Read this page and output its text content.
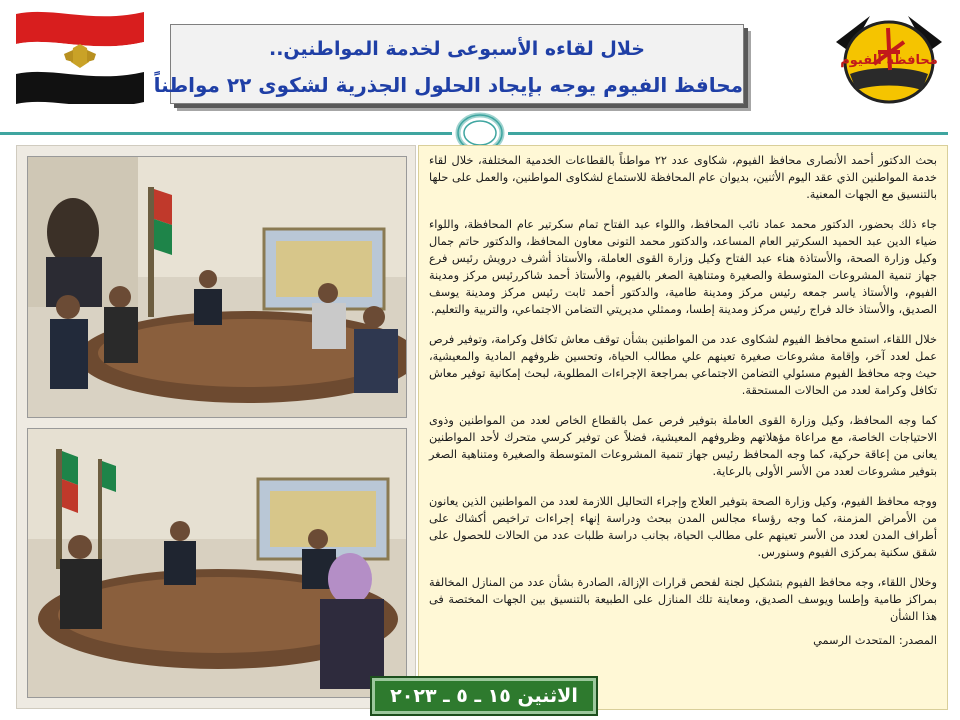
محافظة الفيوم
خلال لقاءه الأسبوعى لخدمة المواطنين..
محافظ الفيوم يوجه بإيجاد الحلول الجذرية لشكوى ٢٢ مواطناً

بحث الدكتور أحمد الأنصارى محافظ الفيوم، شكاوى عدد ٢٢ مواطناً بالقطاعات الخدمية المختلفة، خلال لقاء خدمة المواطنين الذي عقد اليوم الأثنين، بديوان عام المحافظة للاستماع لشكاوى المواطنين، والعمل على حلها بالتنسيق مع الجهات المعنية.

جاء ذلك بحضور، الدكتور محمد عماد نائب المحافظ، واللواء عبد الفتاح تمام سكرتير عام المحافظة، واللواء ضياء الدين عبد الحميد السكرتير العام المساعد، والدكتور محمد التونى معاون المحافظ، والدكتور حاتم جمال وكيل وزارة الصحة، والأستاذة هناء عبد الفتاح وكيل وزارة القوى العاملة، والأستاذ أشرف درويش رئيس فرع جهاز تنمية المشروعات المتوسطة والصغيرة ومتناهية الصغر بالفيوم، والأستاذ أحمد شاكررئيس مركز ومدينة الفيوم، والأستاذ ياسر جمعه رئيس مركز ومدينة طامية، والدكتور أحمد ثابت رئيس مركز ومدينة يوسف الصديق، والأستاذ خالد فراج رئيس مركز ومدينة إطسا، وممثلي مديريتي التضامن الاجتماعي، والتربية والتعليم.

خلال اللقاء، استمع محافظ الفيوم لشكاوى عدد من المواطنين بشأن توقف معاش تكافل وكرامة، وتوفير فرص عمل لعدد آخر، وإقامة مشروعات صغيرة تعينهم علي مطالب الحياة، وتحسين ظروفهم المادية والمعيشية، حيث وجه محافظ الفيوم مسئولي التضامن الاجتماعي بمراجعة الإجراءات المطلوبة، لبحث إمكانية توفير معاش تكافل وكرامة لعدد من الحالات المستحقة.

كما وجه المحافظ، وكيل وزارة القوى العاملة بتوفير فرص عمل بالقطاع الخاص لعدد من المواطنين وذوى الاحتياجات الخاصة، مع مراعاة مؤهلاتهم وظروفهم المعيشية، فضلاً عن توفير كرسي متحرك لأحد المواطنين يعانى من إعاقة حركية، كما وجه المحافظ رئيس جهاز تنمية المشروعات المتوسطة والصغيرة ومتناهية الصغر بتوفير مشروعات لعدد من الأسر الأولى بالرعاية.

ووجه محافظ الفيوم، وكيل وزارة الصحة بتوفير العلاج وإجراء التحاليل اللازمة لعدد من المواطنين الذين يعانون من الأمراض المزمنة، كما وجه رؤساء مجالس المدن ببحث ودراسة إنهاء إجراءات تراخيص أكشاك على أطراف المدن لعدد من الأسر تعينهم على مطالب الحياة، بجانب دراسة طلبات عدد من الحالات للحصول على شقق سكنية بمركزى الفيوم وسنورس.

وخلال اللقاء، وجه محافظ الفيوم بتشكيل لجنة لفحص قرارات الإزالة، الصادرة بشأن عدد من المنازل المخالفة بمراكز طامية وإطسا ويوسف الصديق، ومعاينة تلك المنازل على الطبيعة بالتنسيق بين الجهات المختصة فى هذا الشأن

المصدر: المتحدث الرسمي
الاثنين ١٥ ـ ٥ ـ ٢٠٢٣
